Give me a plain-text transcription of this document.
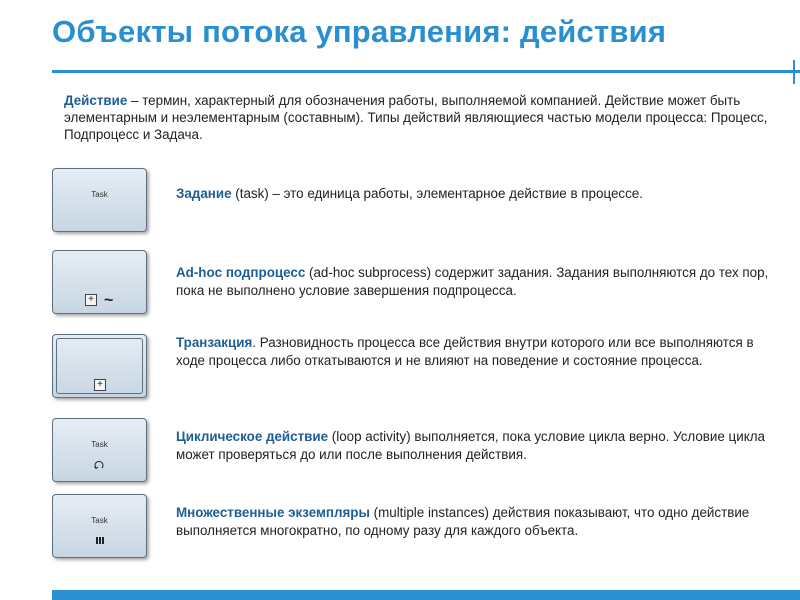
Объекты потока управления: действия

Действие – термин, характерный для обозначения работы, выполняемой компанией. Действие может быть элементарным и неэлементарным (составным). Типы действий являющиеся частью модели процесса: Процесс, Подпроцесс и Задача.

Task	Задание (task) – это единица работы, элементарное действие в процессе.

+ ~

Ad-hoc подпроцесс (ad-hoc subprocess) содержит задания. Задания выполняются до тех пор, пока не выполнено условие завершения подпроцесса.

+

Транзакция. Разновидность процесса все действия внутри которого или все выполняются в ходе процесса либо откатываются и не влияют на поведение и состояние процесса.

Task

Циклическое действие (loop activity) выполняется, пока условие цикла верно. Условие цикла может проверяться до или после выполнения действия.

Task

Множественные экземпляры (multiple instances) действия показывают, что одно действие выполняется многократно, по одному разу для каждого объекта.
